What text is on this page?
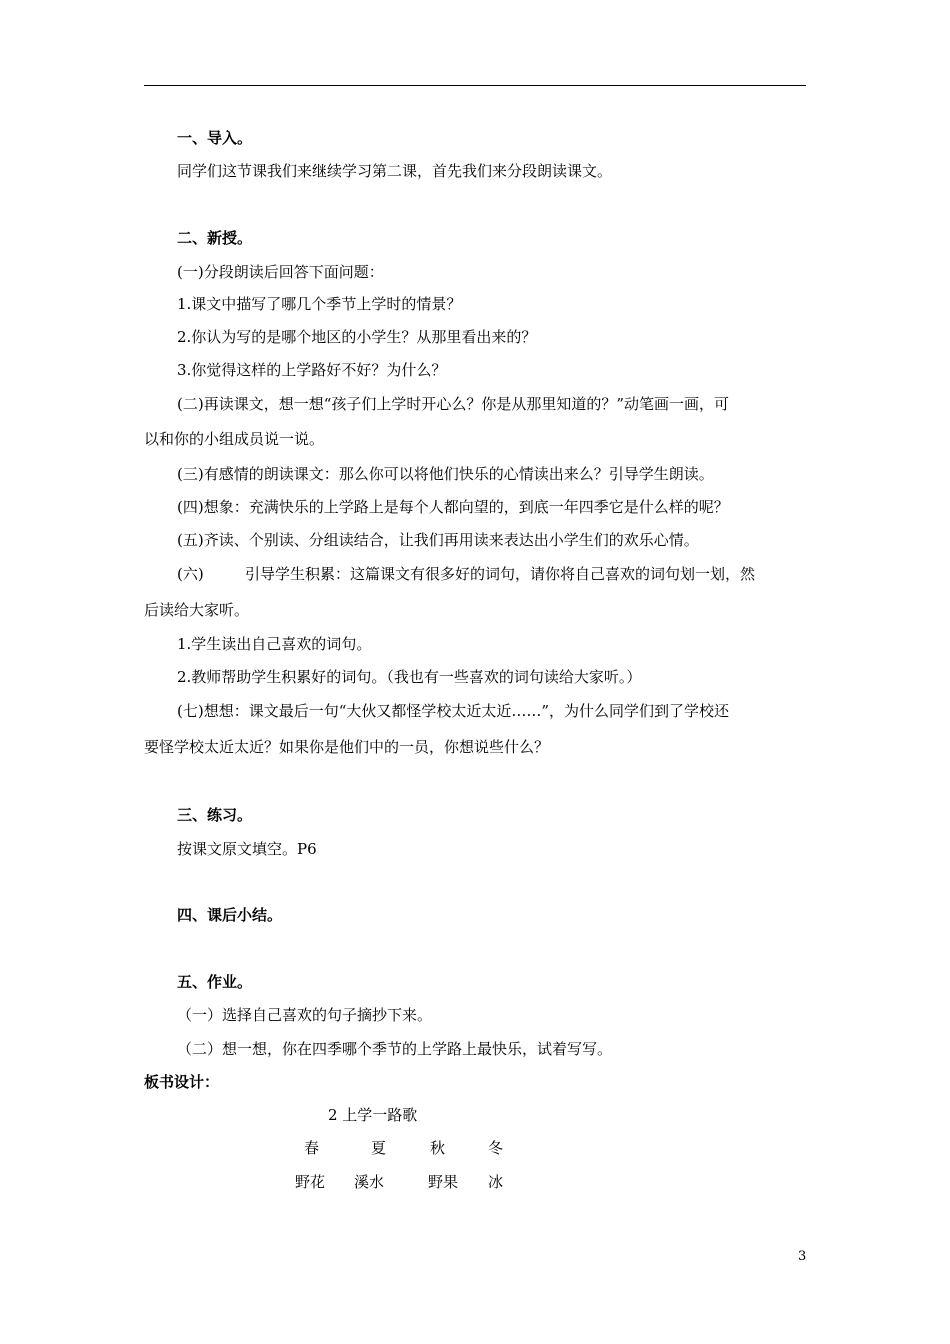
一、导入。
同学们这节课我们来继续学习第二课，首先我们来分段朗读课文。
二、新授。
(一)分段朗读后回答下面问题：
1.课文中描写了哪几个季节上学时的情景？
2.你认为写的是哪个地区的小学生？从那里看出来的？
3.你觉得这样的上学路好不好？为什么？
(二)再读课文，想一想“孩子们上学时开心么？你是从那里知道的？”动笔画一画，可
以和你的小组成员说一说。
(三)有感情的朗读课文：那么你可以将他们快乐的心情读出来么？引导学生朗读。
(四)想象：充满快乐的上学路上是每个人都向望的，到底一年四季它是什么样的呢？
(五)齐读、个别读、分组读结合，让我们再用读来表达出小学生们的欢乐心情。
(六)	引导学生积累：这篇课文有很多好的词句，请你将自己喜欢的词句划一划，然
后读给大家听。
1.学生读出自己喜欢的词句。
2.教师帮助学生积累好的词句。（我也有一些喜欢的词句读给大家听。）
(七)想想：课文最后一句“大伙又都怪学校太近太近……”，为什么同学们到了学校还
要怪学校太近太近？如果你是他们中的一员，你想说些什么？
三、练习。
按课文原文填空。P6
四、课后小结。
五、作业。
（一）选择自己喜欢的句子摘抄下来。
（二）想一想，你在四季哪个季节的上学路上最快乐，试着写写。
板书设计：
2 上学一路歌
春	夏	秋	冬
野花 溪水	野果 冰
3
